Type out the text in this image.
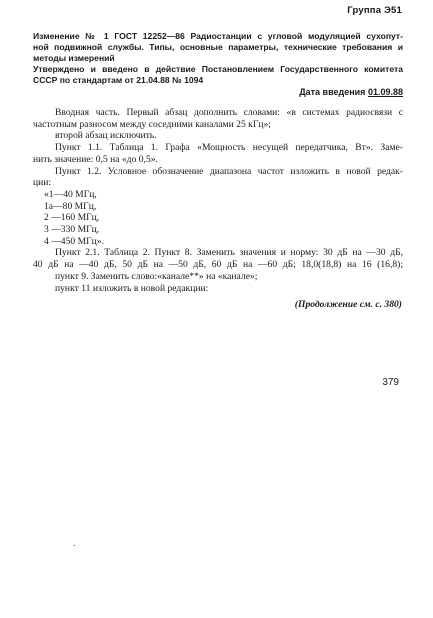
Группа Э51
Изменение № 1 ГОСТ 12252—86 Радиостанции с угловой модуляцией сухопут-
ной подвижной службы. Типы, основные параметры, технические требования и
методы измерений
Утверждено и введено в действие Постановлением Государственного комитета
СССР по стандартам от 21.04.88 № 1094
Дата введения 01.09.88
Вводная часть. Первый абзац дополнить словами: «в системах радиосвязи с
частотным разносом между соседними каналами 25 кГц»;
второй абзац исключить.
Пункт 1.1. Таблица 1. Графа «Мощность несущей передатчика, Вт». Заме-
нить значение: 0,5 на «до 0,5».
Пункт 1.2. Условное обозначение диапазона частот изложить в новой редак-
ции:
«1—40 МГц,
1а—80 МГц,
2 —160 МГц,
3 —330 МГц,
4 —450 МГц».
Пункт 2.1. Таблица 2. Пункт 8. Заменить значения и норму: 30 дБ на —30 дБ,
40 дБ на —40 дБ, 50 дБ на —50 дБ, 60 дБ на —60 дБ; 18,0(18,8) на 16 (16,8);
пункт 9. Заменить слово:«канале**» на «канале»;
пункт 11 изложить в новой редакции:
(Продолжение см. с. 380)
379
